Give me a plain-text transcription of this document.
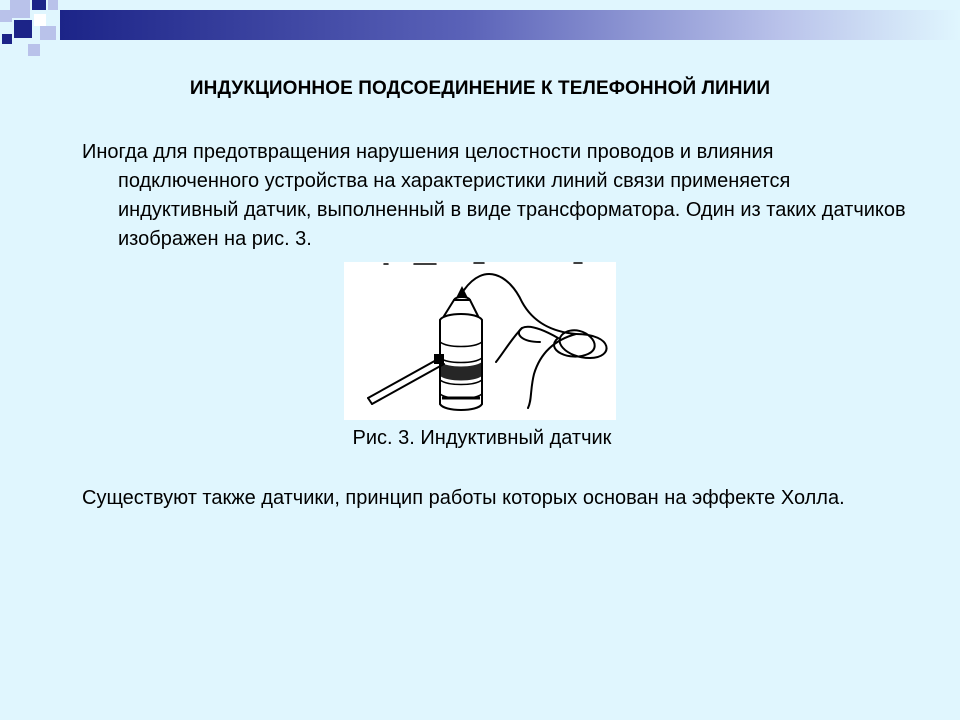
ИНДУКЦИОННОЕ ПОДСОЕДИНЕНИЕ К ТЕЛЕФОННОЙ ЛИНИИ

Иногда для предотвращения нарушения целостности проводов и влияния подключенного устройства на характеристики линий связи применяется индуктивный датчик, выполненный в виде трансформатора. Один из таких датчиков изображен на рис. 3.

Рис. 3. Индуктивный датчик

Существуют также датчики, принцип работы которых основан на эффекте Холла.
